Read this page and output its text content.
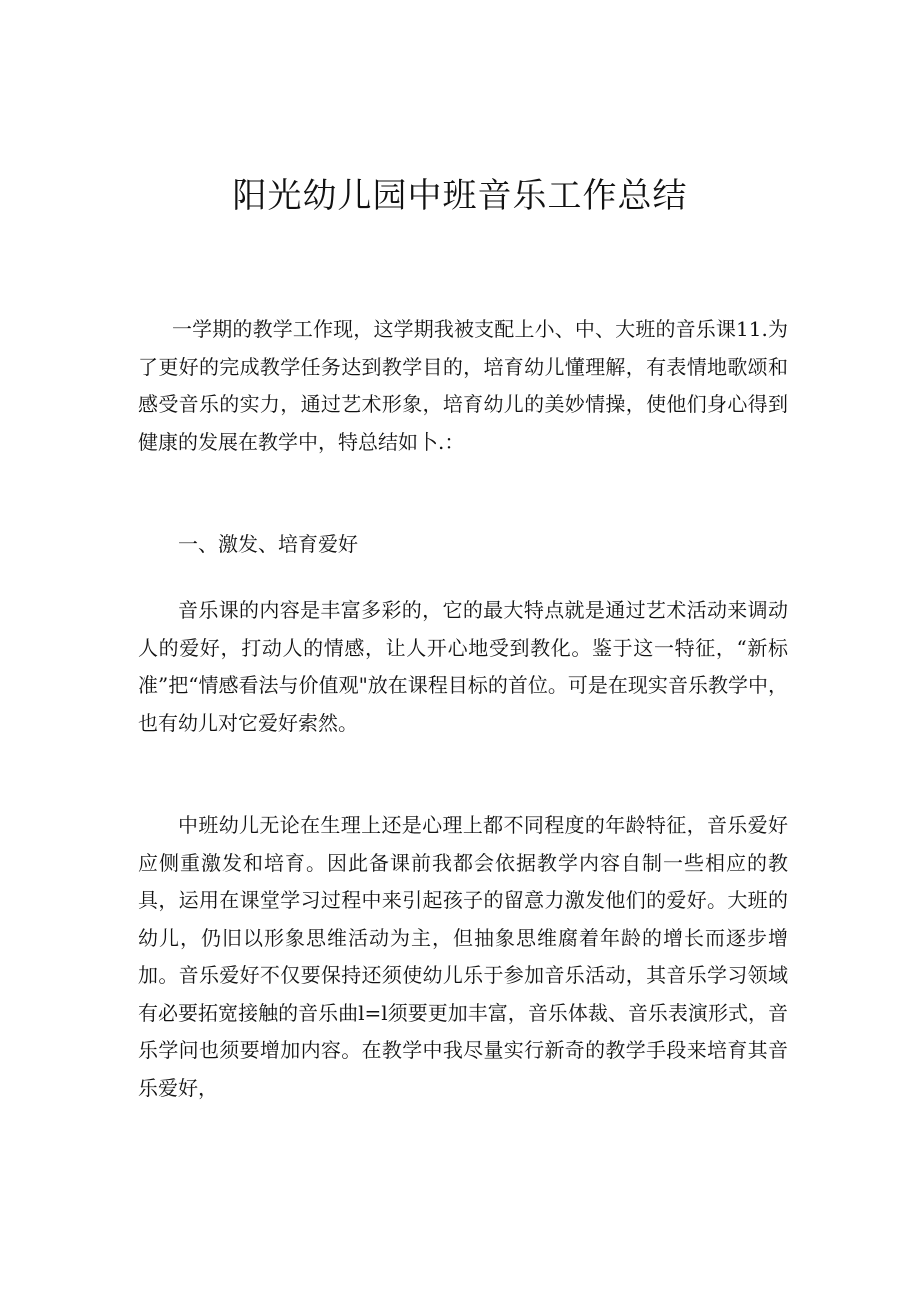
阳光幼儿园中班音乐工作总结

一学期的教学工作现，这学期我被支配上小、中、大班的音乐课11.为了更好的完成教学任务达到教学目的，培育幼儿懂理解，有表情地歌颂和感受音乐的实力，通过艺术形象，培育幼儿的美妙情操，使他们身心得到健康的发展在教学中，特总结如卜.：

一、激发、培育爱好

音乐课的内容是丰富多彩的，它的最大特点就是通过艺术活动来调动人的爱好，打动人的情感，让人开心地受到教化。鉴于这一特征，“新标准”把“情感看法与价值观"放在课程目标的首位。可是在现实音乐教学中，也有幼儿对它爱好索然。

中班幼儿无论在生理上还是心理上都不同程度的年龄特征，音乐爱好应侧重激发和培育。因此备课前我都会依据教学内容自制一些相应的教具，运用在课堂学习过程中来引起孩子的留意力激发他们的爱好。大班的幼儿，仍旧以形象思维活动为主，但抽象思维腐着年龄的增长而逐步增加。音乐爱好不仅要保持还须使幼儿乐于参加音乐活动，其音乐学习领域有必要拓宽接触的音乐曲l=l须要更加丰富，音乐体裁、音乐表演形式，音乐学问也须要增加内容。在教学中我尽量实行新奇的教学手段来培育其音乐爱好，
